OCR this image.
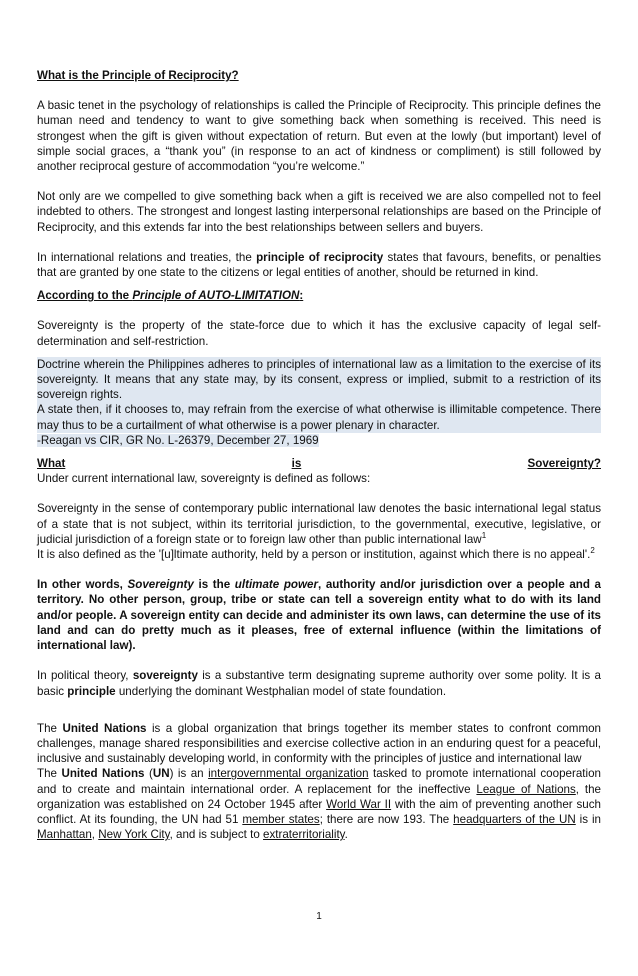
What is the Principle of Reciprocity?

A basic tenet in the psychology of relationships is called the Principle of Reciprocity. This principle defines the human need and tendency to want to give something back when something is received. This need is strongest when the gift is given without expectation of return. But even at the lowly (but important) level of simple social graces, a “thank you” (in response to an act of kindness or compliment) is still followed by another reciprocal gesture of accommodation “you’re welcome.”

Not only are we compelled to give something back when a gift is received we are also compelled not to feel indebted to others. The strongest and longest lasting interpersonal relationships are based on the Principle of Reciprocity, and this extends far into the best relationships between sellers and buyers.

In international relations and treaties, the principle of reciprocity states that favours, benefits, or penalties that are granted by one state to the citizens or legal entities of another, should be returned in kind.

According to the Principle of AUTO-LIMITATION:

Sovereignty is the property of the state-force due to which it has the exclusive capacity of legal self-determination and self-restriction.

Doctrine wherein the Philippines adheres to principles of international law as a limitation to the exercise of its sovereignty. It means that any state may, by its consent, express or implied, submit to a restriction of its sovereign rights.

A state then, if it chooses to, may refrain from the exercise of what otherwise is illimitable competence. There may thus to be a curtailment of what otherwise is a power plenary in character.

-Reagan vs CIR, GR No. L-26379, December 27, 1969

What	is	Sovereignty?

Under current international law, sovereignty is defined as follows:

Sovereignty in the sense of contemporary public international law denotes the basic international legal status of a state that is not subject, within its territorial jurisdiction, to the governmental, executive, legislative, or judicial jurisdiction of a foreign state or to foreign law other than public international law$^1$

It is also defined as the '[u]ltimate authority, held by a person or institution, against which there is no appeal'.$^2$

In other words, Sovereignty is the ultimate power, authority and/or jurisdiction over a people and a territory. No other person, group, tribe or state can tell a sovereign entity what to do with its land and/or people. A sovereign entity can decide and administer its own laws, can determine the use of its land and can do pretty much as it pleases, free of external influence (within the limitations of international law).

In political theory, sovereignty is a substantive term designating supreme authority over some polity. It is a basic principle underlying the dominant Westphalian model of state foundation.

The United Nations is a global organization that brings together its member states to confront common challenges, manage shared responsibilities and exercise collective action in an enduring quest for a peaceful, inclusive and sustainably developing world, in conformity with the principles of justice and international law

The United Nations (UN) is an intergovernmental organization tasked to promote international cooperation and to create and maintain international order. A replacement for the ineffective League of Nations, the organization was established on 24 October 1945 after World War II with the aim of preventing another such conflict. At its founding, the UN had 51 member states; there are now 193. The headquarters of the UN is in Manhattan, New York City, and is subject to extraterritoriality.

1
